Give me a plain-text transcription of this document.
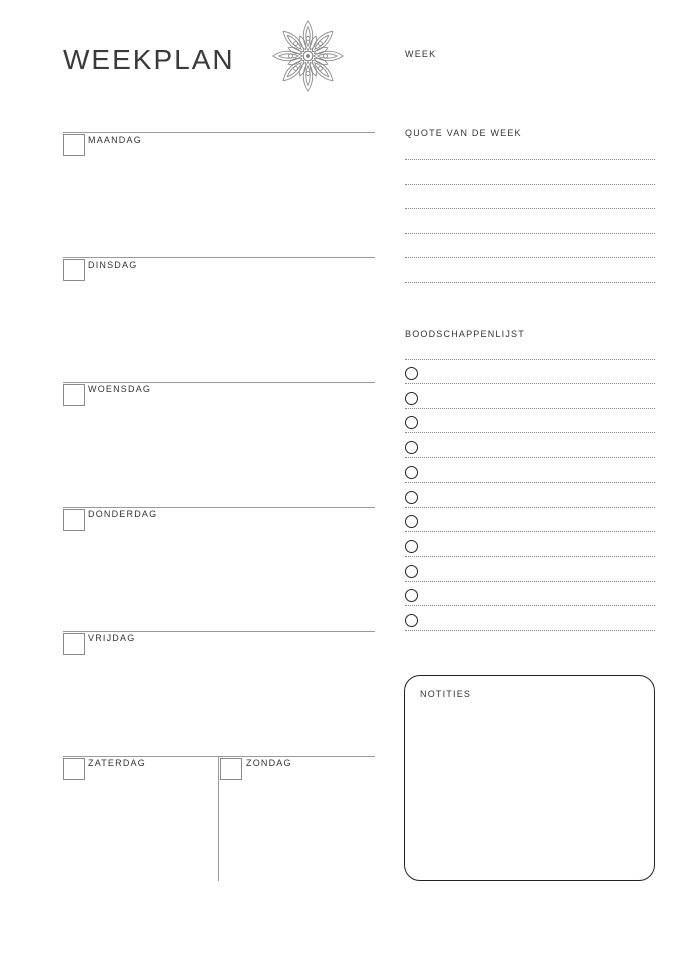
WEEKPLAN
MAANDAG
DINSDAG
WOENSDAG
DONDERDAG
VRIJDAG
ZATERDAG	ZONDAG
WEEK
QUOTE VAN DE WEEK
BOODSCHAPPENLIJST
NOTITIES
